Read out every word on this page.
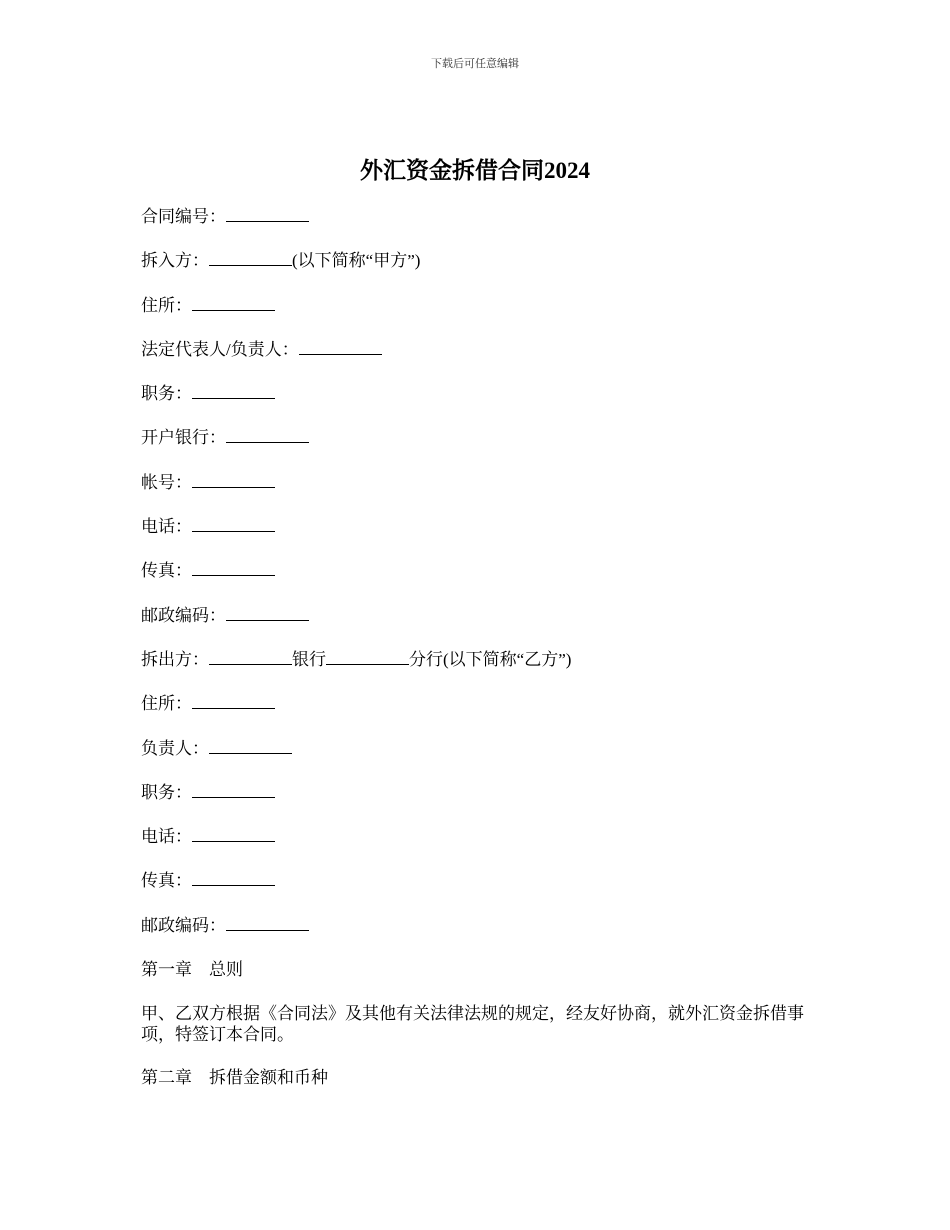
下载后可任意编辑
外汇资金拆借合同2024
合同编号：
拆入方：	(以下简称“甲方”)
住所：
法定代表人/负责人：
职务：
开户银行：
帐号：
电话：
传真：
邮政编码：
拆出方：	银行	分行(以下简称“乙方”)
住所：
负责人：
职务：
电话：
传真：
邮政编码：
第一章　总则
甲、乙双方根据《合同法》及其他有关法律法规的规定，经友好协商，就外汇资金拆借事项，特签订本合同。
第二章　拆借金额和币种
